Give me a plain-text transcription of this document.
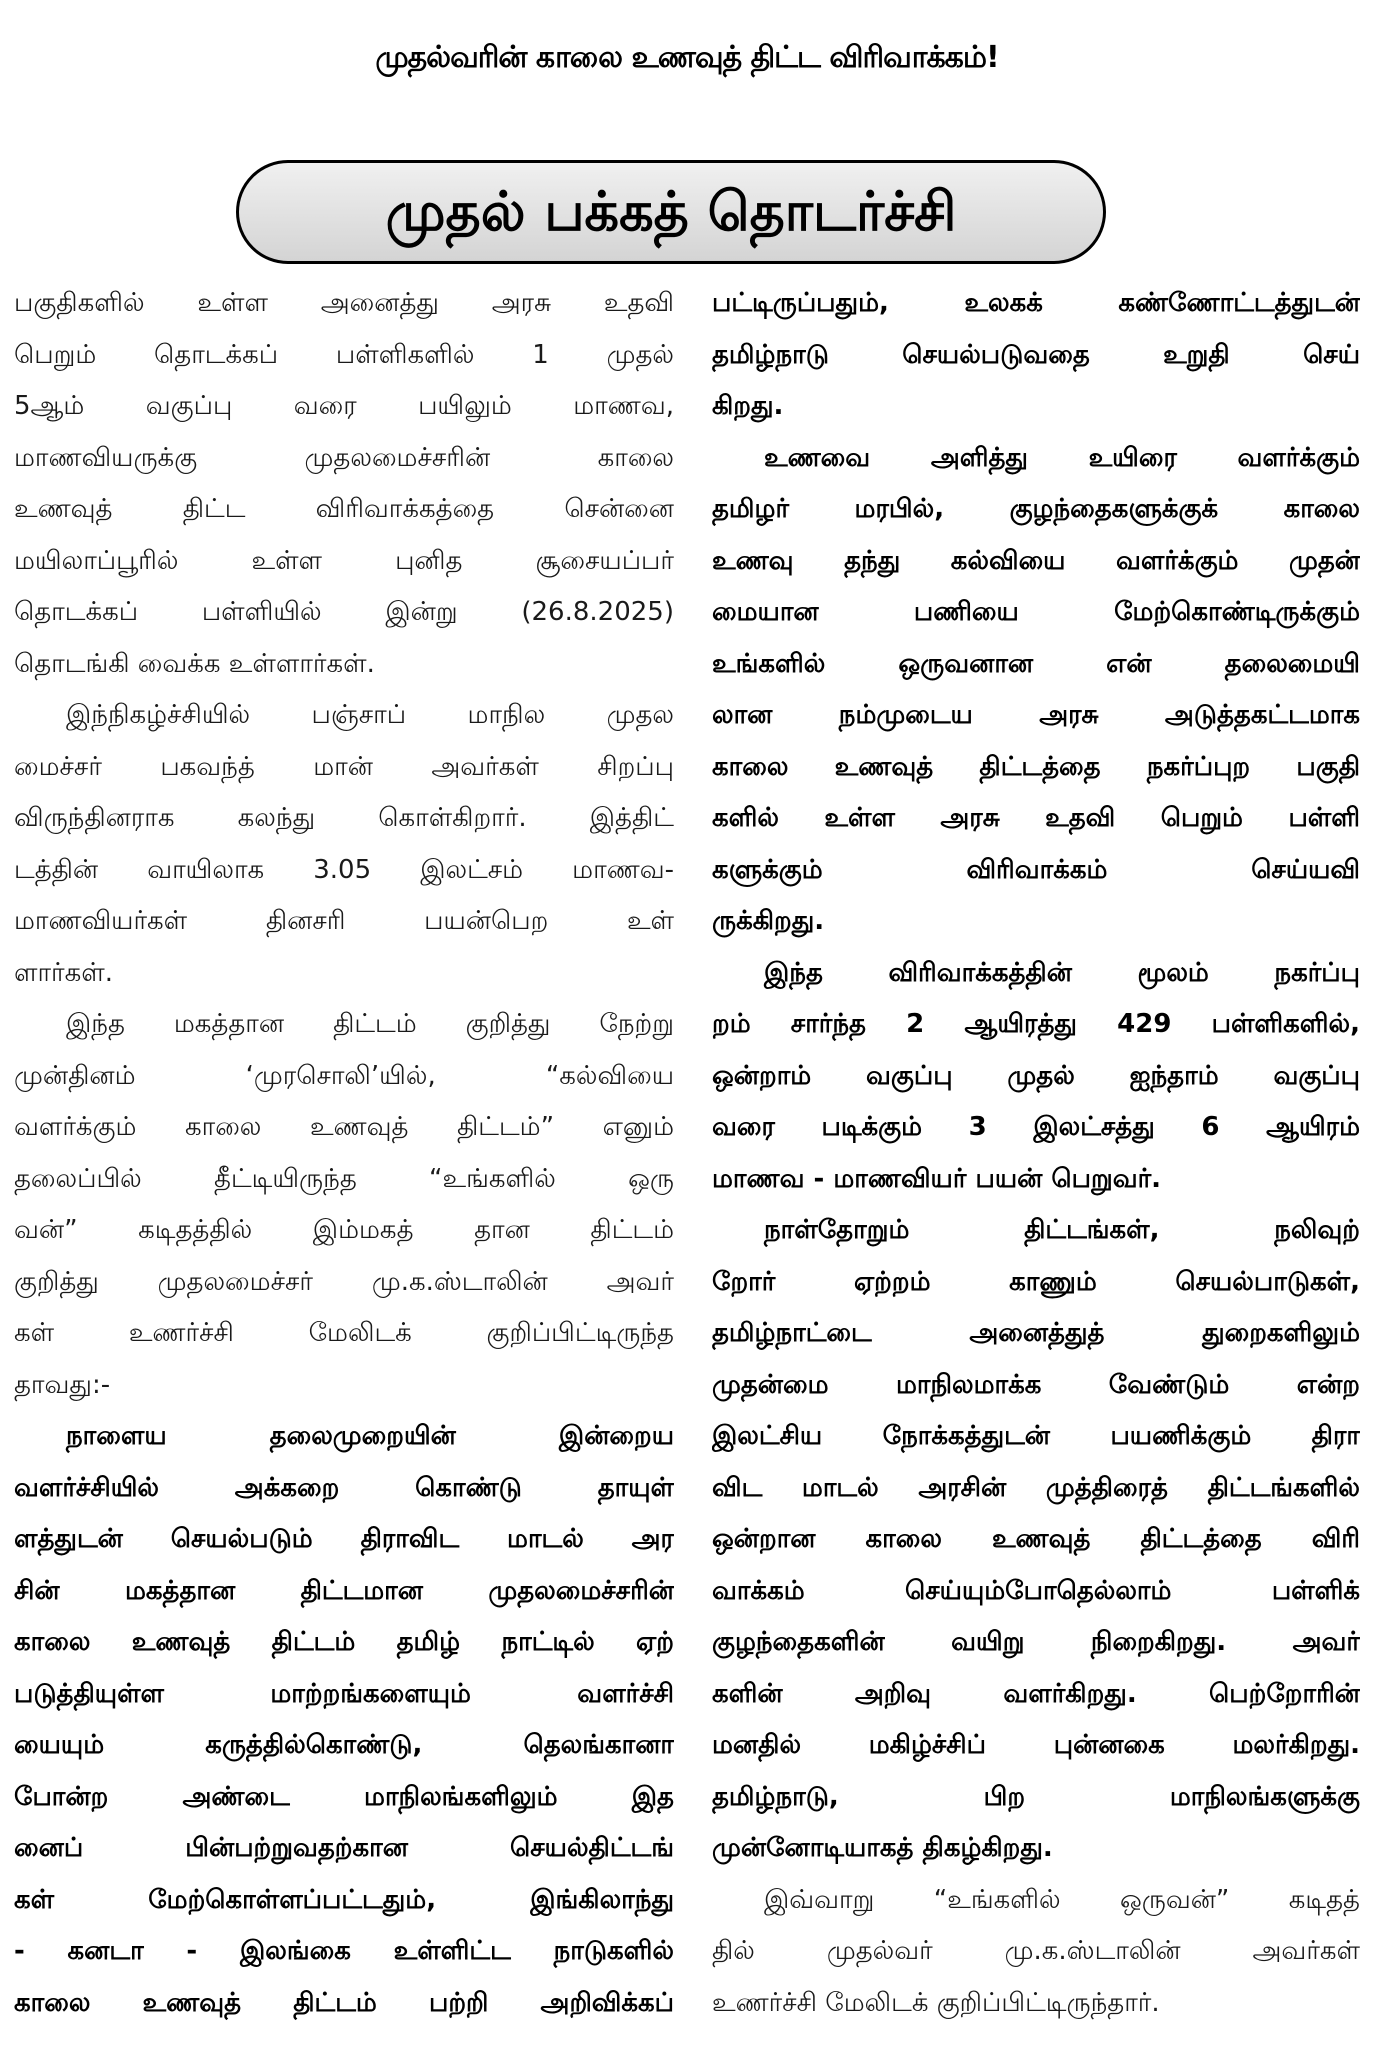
முதல்வரின் காலை உணவுத் திட்ட விரிவாக்கம்!
முதல் பக்கத் தொடர்ச்சி

பகுதிகளில் உள்ள அனைத்து அரசு உதவி
பெறும் தொடக்கப் பள்ளிகளில் 1 முதல்
5ஆம் வகுப்பு வரை பயிலும் மாணவ,
மாணவியருக்கு முதலமைச்சரின் காலை
உணவுத் திட்ட விரிவாக்கத்தை சென்னை
மயிலாப்பூரில் உள்ள புனித சூசையப்பர்
தொடக்கப் பள்ளியில் இன்று (26.8.2025)
தொடங்கி வைக்க உள்ளார்கள்.

இந்நிகழ்ச்சியில் பஞ்சாப் மாநில முதல
மைச்சர் பகவந்த் மான் அவர்கள் சிறப்பு
விருந்தினராக கலந்து கொள்கிறார். இத்திட்
டத்தின் வாயிலாக 3.05 இலட்சம் மாணவ-
மாணவியர்கள் தினசரி பயன்பெற உள்
ளார்கள்.

இந்த மகத்தான திட்டம் குறித்து நேற்று
முன்தினம் ‘முரசொலி’யில், “கல்வியை
வளர்க்கும் காலை உணவுத் திட்டம்” எனும்
தலைப்பில் தீட்டியிருந்த “உங்களில் ஒரு
வன்” கடிதத்தில் இம்மகத் தான திட்டம்
குறித்து முதலமைச்சர் மு.க.ஸ்டாலின் அவர்
கள் உணர்ச்சி மேலிடக் குறிப்பிட்டிருந்த
தாவது:-

நாளைய தலைமுறையின் இன்றைய
வளர்ச்சியில் அக்கறை கொண்டு தாயுள்
ளத்துடன் செயல்படும் திராவிட மாடல் அர
சின் மகத்தான திட்டமான முதலமைச்சரின்
காலை உணவுத் திட்டம் தமிழ் நாட்டில் ஏற்
படுத்தியுள்ள மாற்றங்களையும் வளர்ச்சி
யையும் கருத்தில்கொண்டு, தெலங்கானா
போன்ற அண்டை மாநிலங்களிலும் இத
னைப் பின்பற்றுவதற்கான செயல்திட்டங்
கள் மேற்கொள்ளப்பட்டதும், இங்கிலாந்து
- கனடா - இலங்கை உள்ளிட்ட நாடுகளில்
காலை உணவுத் திட்டம் பற்றி அறிவிக்கப்

பட்டிருப்பதும், உலகக் கண்ணோட்டத்துடன்
தமிழ்நாடு செயல்படுவதை உறுதி செய்
கிறது.

உணவை அளித்து உயிரை வளர்க்கும்
தமிழர் மரபில், குழந்தைகளுக்குக் காலை
உணவு தந்து கல்வியை வளர்க்கும் முதன்
மையான பணியை மேற்கொண்டிருக்கும்
உங்களில் ஒருவனான என் தலைமையி
லான நம்முடைய அரசு அடுத்தகட்டமாக
காலை உணவுத் திட்டத்தை நகர்ப்புற பகுதி
களில் உள்ள அரசு உதவி பெறும் பள்ளி
களுக்கும் விரிவாக்கம் செய்யவி
ருக்கிறது.

இந்த விரிவாக்கத்தின் மூலம் நகர்ப்பு
றம் சார்ந்த 2 ஆயிரத்து 429 பள்ளிகளில்,
ஒன்றாம் வகுப்பு முதல் ஐந்தாம் வகுப்பு
வரை படிக்கும் 3 இலட்சத்து 6 ஆயிரம்
மாணவ - மாணவியர் பயன் பெறுவர்.

நாள்தோறும் திட்டங்கள், நலிவுற்
றோர் ஏற்றம் காணும் செயல்பாடுகள்,
தமிழ்நாட்டை அனைத்துத் துறைகளிலும்
முதன்மை மாநிலமாக்க வேண்டும் என்ற
இலட்சிய நோக்கத்துடன் பயணிக்கும் திரா
விட மாடல் அரசின் முத்திரைத் திட்டங்களில்
ஒன்றான காலை உணவுத் திட்டத்தை விரி
வாக்கம் செய்யும்போதெல்லாம் பள்ளிக்
குழந்தைகளின் வயிறு நிறைகிறது. அவர்
களின் அறிவு வளர்கிறது. பெற்றோரின்
மனதில் மகிழ்ச்சிப் புன்னகை மலர்கிறது.
தமிழ்நாடு, பிற மாநிலங்களுக்கு
முன்னோடியாகத் திகழ்கிறது.

இவ்வாறு “உங்களில் ஒருவன்” கடிதத்
தில் முதல்வர் மு.க.ஸ்டாலின் அவர்கள்
உணர்ச்சி மேலிடக் குறிப்பிட்டிருந்தார்.
